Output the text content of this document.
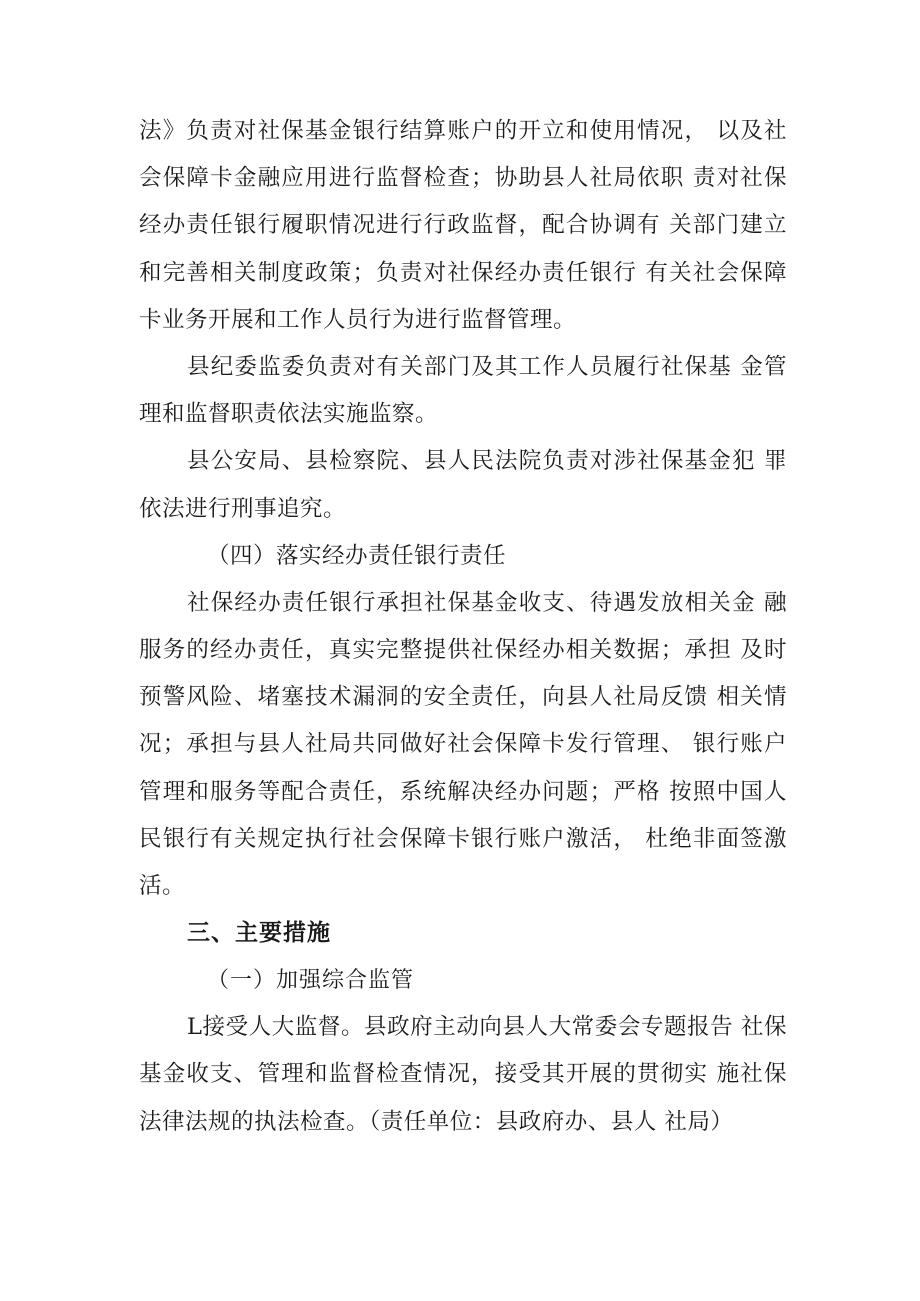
法》负责对社保基金银行结算账户的开立和使用情况， 以及社
会保障卡金融应用进行监督检查；协助县人社局依职 责对社保
经办责任银行履职情况进行行政监督，配合协调有 关部门建立
和完善相关制度政策；负责对社保经办责任银行 有关社会保障
卡业务开展和工作人员行为进行监督管理。
县纪委监委负责对有关部门及其工作人员履行社保基 金管
理和监督职责依法实施监察。
县公安局、县检察院、县人民法院负责对涉社保基金犯 罪
依法进行刑事追究。
（四）落实经办责任银行责任
社保经办责任银行承担社保基金收支、待遇发放相关金 融
服务的经办责任，真实完整提供社保经办相关数据；承担 及时
预警风险、堵塞技术漏洞的安全责任，向县人社局反馈 相关情
况；承担与县人社局共同做好社会保障卡发行管理、 银行账户
管理和服务等配合责任，系统解决经办问题；严格 按照中国人
民银行有关规定执行社会保障卡银行账户激活， 杜绝非面签激
活。
三、主要措施
（一）加强综合监管
L接受人大监督。县政府主动向县人大常委会专题报告 社保
基金收支、管理和监督检查情况，接受其开展的贯彻实 施社保
法律法规的执法检查。（责任单位：县政府办、县人 社局）
